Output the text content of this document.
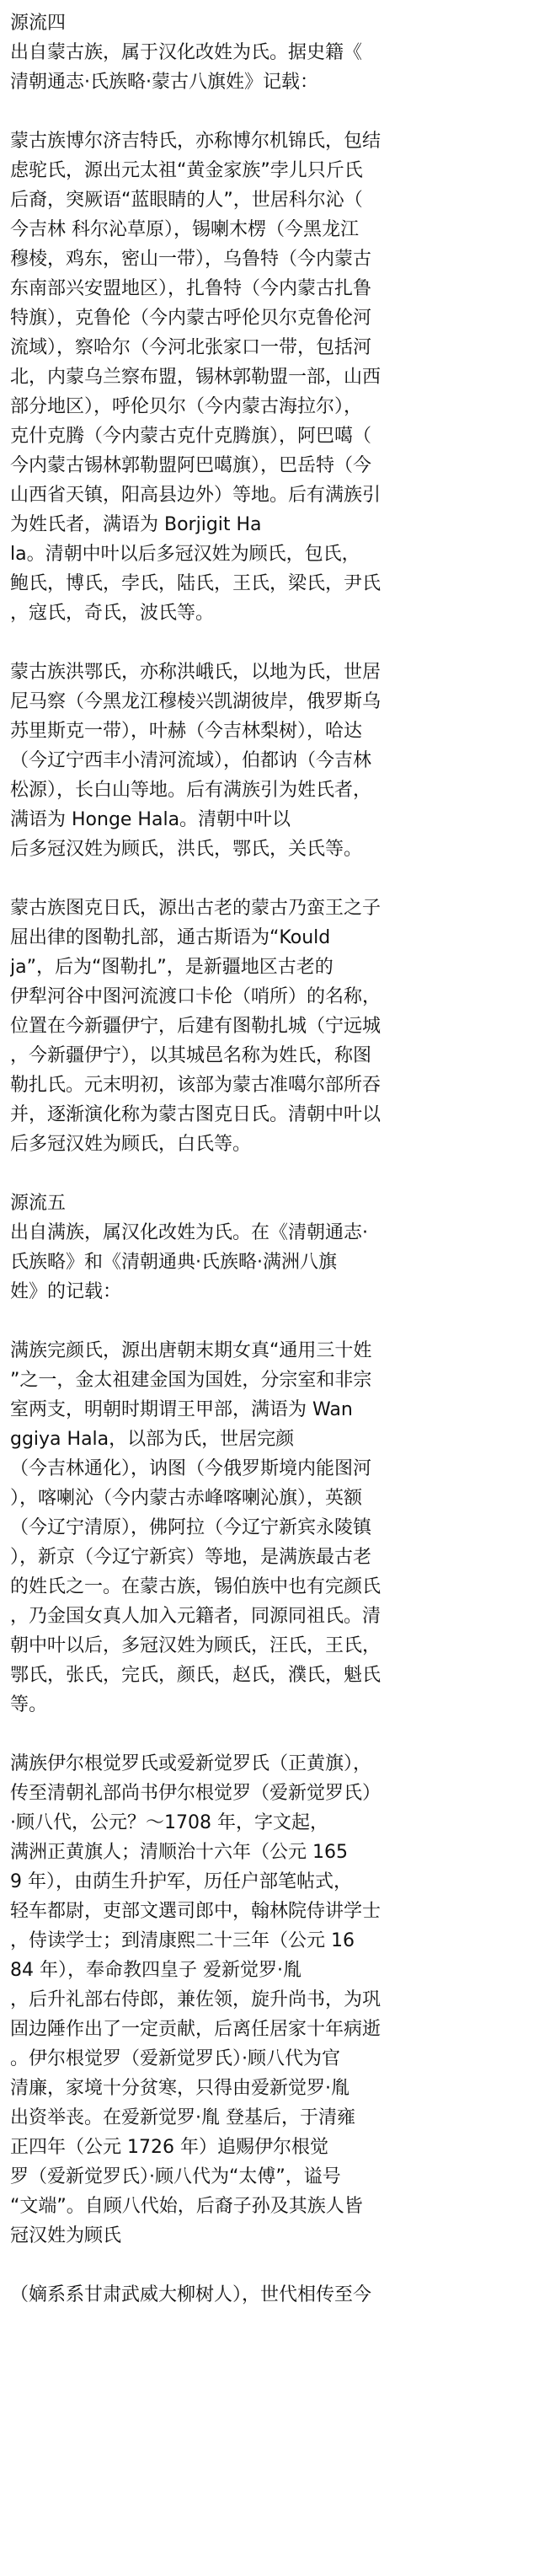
源流四
出自蒙古族，属于汉化改姓为氏。据史籍《
清朝通志·氏族略·蒙古八旗姓》记载：
蒙古族博尔济吉特氏，亦称博尔机锦氏，包结
虑驼氏，源出元太祖“黄金家族”孛儿只斤氏
后裔，突厥语“蓝眼睛的人”，世居科尔沁（
今吉林 科尔沁草原），锡喇木楞（今黑龙江
穆棱，鸡东，密山一带），乌鲁特（今内蒙古
东南部兴安盟地区），扎鲁特（今内蒙古扎鲁
特旗），克鲁伦（今内蒙古呼伦贝尔克鲁伦河
流域），察哈尔（今河北张家口一带，包括河
北，内蒙乌兰察布盟，锡林郭勒盟一部，山西
部分地区），呼伦贝尔（今内蒙古海拉尔），
克什克腾（今内蒙古克什克腾旗），阿巴噶（
今内蒙古锡林郭勒盟阿巴噶旗），巴岳特（今
山西省天镇，阳高县边外）等地。后有满族引
为姓氏者，满语为 Borjigit Ha
la。清朝中叶以后多冠汉姓为顾氏，包氏，
鲍氏，博氏，孛氏，陆氏，王氏，梁氏，尹氏
，寇氏，奇氏，波氏等。
蒙古族洪鄂氏，亦称洪峨氏，以地为氏，世居
尼马察（今黑龙江穆棱兴凯湖彼岸，俄罗斯乌
苏里斯克一带），叶赫（今吉林梨树），哈达
（今辽宁西丰小清河流域），伯都讷（今吉林
松源），长白山等地。后有满族引为姓氏者，
满语为 Honge Hala。清朝中叶以
后多冠汉姓为顾氏，洪氏，鄂氏，关氏等。
蒙古族图克日氏，源出古老的蒙古乃蛮王之子
屈出律的图勒扎部，通古斯语为“Kould
ja”，后为“图勒扎”，是新疆地区古老的
伊犁河谷中图河流渡口卡伦（哨所）的名称，
位置在今新疆伊宁，后建有图勒扎城（宁远城
，今新疆伊宁），以其城邑名称为姓氏，称图
勒扎氏。元末明初，该部为蒙古准噶尔部所吞
并，逐渐演化称为蒙古图克日氏。清朝中叶以
后多冠汉姓为顾氏，白氏等。
源流五
出自满族，属汉化改姓为氏。在《清朝通志·
氏族略》和《清朝通典·氏族略·满洲八旗
姓》的记载：
满族完颜氏，源出唐朝末期女真“通用三十姓
”之一，金太祖建金国为国姓，分宗室和非宗
室两支，明朝时期谓王甲部，满语为 Wan
ggiya Hala，以部为氏，世居完颜
（今吉林通化），讷图（今俄罗斯境内能图河
），喀喇沁（今内蒙古赤峰喀喇沁旗），英额
（今辽宁清原），佛阿拉（今辽宁新宾永陵镇
），新京（今辽宁新宾）等地，是满族最古老
的姓氏之一。在蒙古族，锡伯族中也有完颜氏
，乃金国女真人加入元籍者，同源同祖氏。清
朝中叶以后，多冠汉姓为顾氏，汪氏，王氏，
鄂氏，张氏，完氏，颜氏，赵氏，濮氏，魁氏
等。
满族伊尔根觉罗氏或爱新觉罗氏（正黄旗），
传至清朝礼部尚书伊尔根觉罗（爱新觉罗氏）
·顾八代，公元？～1708 年，字文起，
满洲正黄旗人；清顺治十六年（公元 165
9 年），由荫生升护军，历任户部笔帖式，
轻车都尉，吏部文選司郎中，翰林院侍讲学士
，侍读学士；到清康熙二十三年（公元 16
84 年），奉命教四皇子 爱新觉罗·胤
，后升礼部右侍郎，兼佐领，旋升尚书，为巩
固边陲作出了一定贡献，后离任居家十年病逝
。伊尔根觉罗（爱新觉罗氏）·顾八代为官
清廉，家境十分贫寒，只得由爱新觉罗·胤
出资举丧。在爱新觉罗·胤 登基后，于清雍
正四年（公元 1726 年）追赐伊尔根觉
罗（爱新觉罗氏）·顾八代为“太傅”，谥号
“文端”。自顾八代始，后裔子孙及其族人皆
冠汉姓为顾氏
（嫡系系甘肃武威大柳树人），世代相传至今
